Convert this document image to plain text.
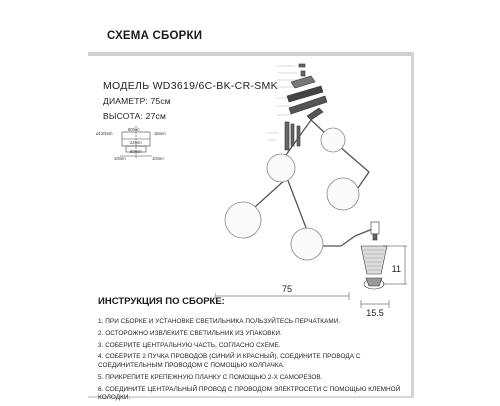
СХЕМА СБОРКИ
МОДЕЛЬ WD3619/6C-BK-CR-SMK
ДИАМЕТР: 75см
ВЫСОТА: 27см
ø120mm
60mm
22mm
10mm
60mm
10mm
16mm
75
11
15.5
ИНСТРУКЦИЯ ПО СБОРКЕ:
1. ПРИ СБОРКЕ И УСТАНОВКЕ СВЕТИЛЬНИКА ПОЛЬЗУЙТЕСЬ ПЕРЧАТКАМИ.
2. ОСТОРОЖНО ИЗВЛЕКИТЕ СВЕТИЛЬНИК ИЗ УПАКОВКИ.
3. СОБЕРИТЕ ЦЕНТРАЛЬНУЮ ЧАСТЬ, СОГЛАСНО СХЕМЕ.
4. СОБЕРИТЕ 2 ПУЧКА ПРОВОДОВ (СИНИЙ И КРАСНЫЙ), СОЕДИНИТЕ ПРОВОДА С СОЕДИНИТЕЛЬНЫМ ПРОВОДОМ С ПОМОЩЬЮ КОЛПАЧКА.
5. ПРИКРЕПИТЕ КРЕПЕЖНУЮ ПЛАНКУ С ПОМОЩЬЮ 2-Х САМОРЕЗОВ.
6. СОЕДИНИТЕ ЦЕНТРАЛЬНЫЙ ПРОВОД С ПРОВОДОМ ЭЛЕКТРОСЕТИ С ПОМОЩЬЮ КЛЕМНОЙ КОЛОДКИ.
